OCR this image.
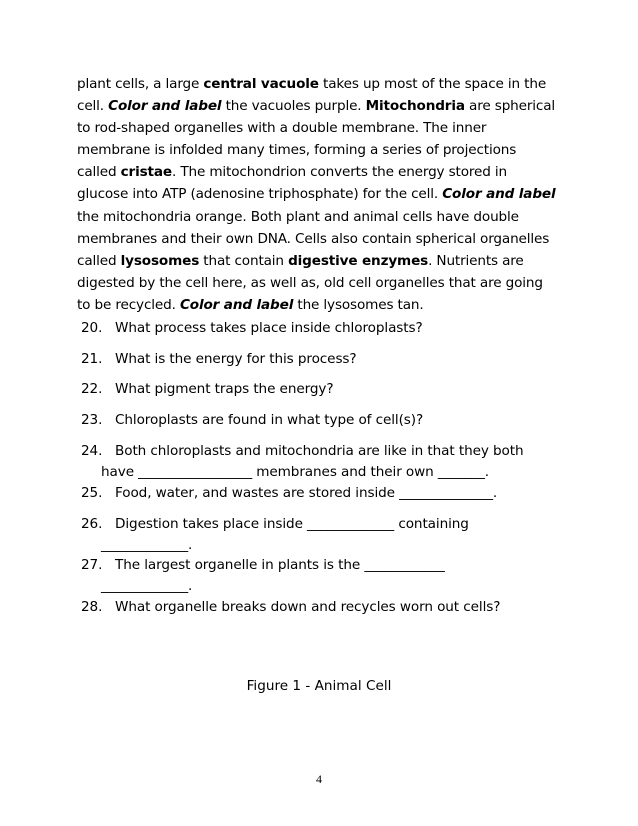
plant cells, a large central vacuole takes up most of the space in the
cell. Color and label the vacuoles purple. Mitochondria are spherical
to rod-shaped organelles with a double membrane. The inner
membrane is infolded many times, forming a series of projections
called cristae. The mitochondrion converts the energy stored in
glucose into ATP (adenosine triphosphate) for the cell. Color and label
the mitochondria orange. Both plant and animal cells have double
membranes and their own DNA. Cells also contain spherical organelles
called lysosomes that contain digestive enzymes. Nutrients are
digested by the cell here, as well as, old cell organelles that are going
to be recycled. Color and label the lysosomes tan.
20. What process takes place inside chloroplasts?
21. What is the energy for this process?
22. What pigment traps the energy?
23. Chloroplasts are found in what type of cell(s)?
24. Both chloroplasts and mitochondria are like in that they both
have _________________ membranes and their own _______.
25. Food, water, and wastes are stored inside ______________.
26. Digestion takes place inside _____________ containing
_____________.
27. The largest organelle in plants is the ____________
_____________.
28. What organelle breaks down and recycles worn out cells?
Figure 1 - Animal Cell
4
